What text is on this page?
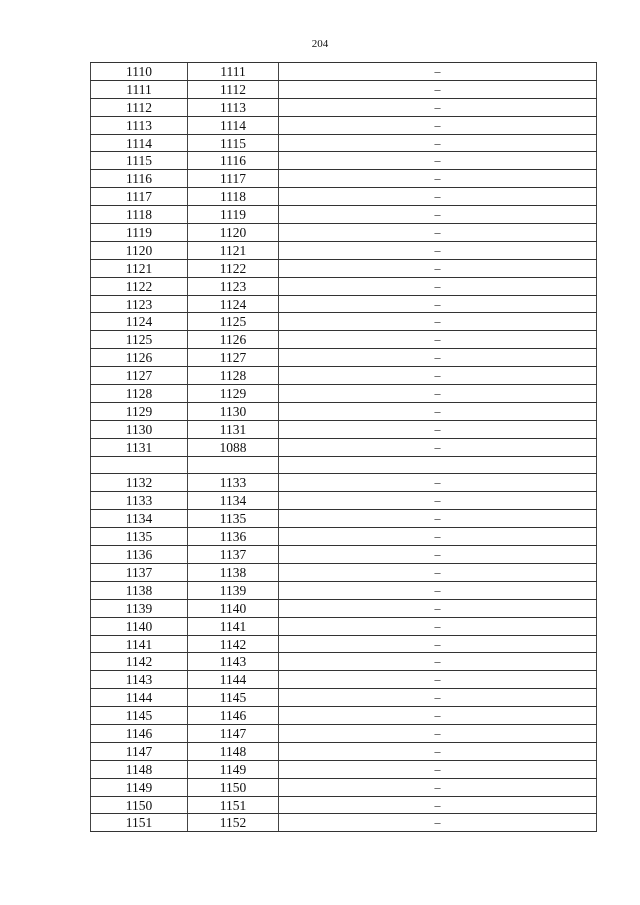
204
1110	1111	–
1111	1112	–
1112	1113	–
1113	1114	–
1114	1115	–
1115	1116	–
1116	1117	–
1117	1118	–
1118	1119	–
1119	1120	–
1120	1121	–
1121	1122	–
1122	1123	–
1123	1124	–
1124	1125	–
1125	1126	–
1126	1127	–
1127	1128	–
1128	1129	–
1129	1130	–
1130	1131	–
1131	1088	–
1132	1133	–
1133	1134	–
1134	1135	–
1135	1136	–
1136	1137	–
1137	1138	–
1138	1139	–
1139	1140	–
1140	1141	–
1141	1142	–
1142	1143	–
1143	1144	–
1144	1145	–
1145	1146	–
1146	1147	–
1147	1148	–
1148	1149	–
1149	1150	–
1150	1151	–
1151	1152	–
